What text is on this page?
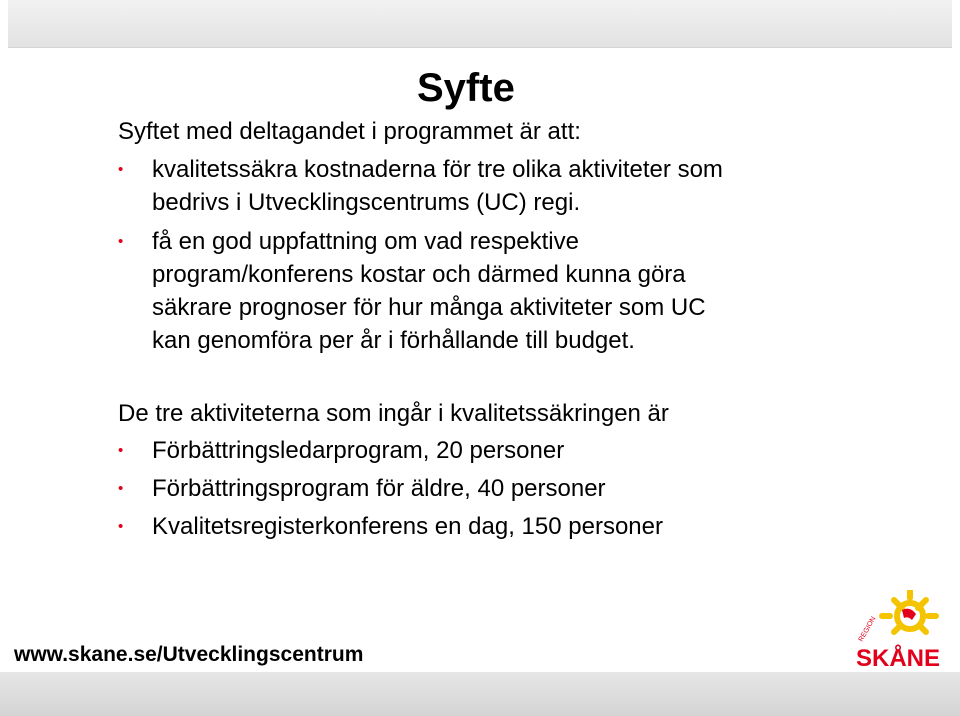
Syfte
Syftet med deltagandet i programmet är att:
• kvalitetssäkra kostnaderna för tre olika aktiviteter som
bedrivs i Utvecklingscentrums (UC) regi.
• få en god uppfattning om vad respektive
program/konferens kostar och därmed kunna göra
säkrare prognoser för hur många aktiviteter som UC
kan genomföra per år i förhållande till budget.
De tre aktiviteterna som ingår i kvalitetssäkringen är
• Förbättringsledarprogram, 20 personer
• Förbättringsprogram för äldre, 40 personer
• Kvalitetsregisterkonferens en dag, 150 personer
www.skane.se/Utvecklingscentrum
REGION
SKÅNE
